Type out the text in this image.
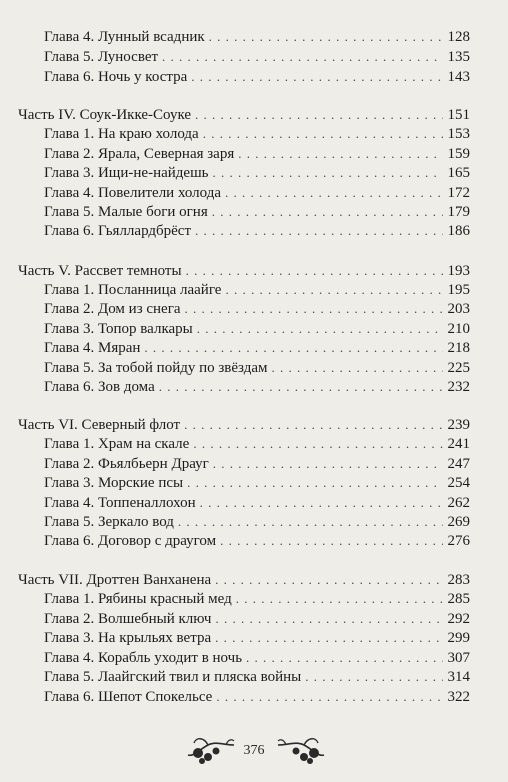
Глава 4. Лунный всадник . . .	128
Глава 5. Луносвет . . .	135
Глава 6. Ночь у костра . . .	143
Часть IV. Соук-Икке-Соуке . . .	151
Глава 1. На краю холода . . .	153
Глава 2. Ярала, Северная заря . . .	159
Глава 3. Ищи-не-найдешь . . .	165
Глава 4. Повелители холода . . .	172
Глава 5. Малые боги огня . . .	179
Глава 6. Гьяллардбрёст . . .	186
Часть V. Рассвет темноты . . .	193
Глава 1. Посланница лаайге . . .	195
Глава 2. Дом из снега . . .	203
Глава 3. Топор валкары . . .	210
Глава 4. Мяран . . .	218
Глава 5. За тобой пойду по звёздам . . .	225
Глава 6. Зов дома . . .	232
Часть VI. Северный флот . . .	239
Глава 1. Храм на скале . . .	241
Глава 2. Фьялбьерн Драуг . . .	247
Глава 3. Морские псы . . .	254
Глава 4. Топпеналлохон . . .	262
Глава 5. Зеркало вод . . .	269
Глава 6. Договор с драугом . . .	276
Часть VII. Дроттен Ванханена . . .	283
Глава 1. Рябины красный мед . . .	285
Глава 2. Волшебный ключ . . .	292
Глава 3. На крыльях ветра . . .	299
Глава 4. Корабль уходит в ночь . . .	307
Глава 5. Лаайгский твил и пляска войны . . .	314
Глава 6. Шепот Спокельсе . . .	322
376
